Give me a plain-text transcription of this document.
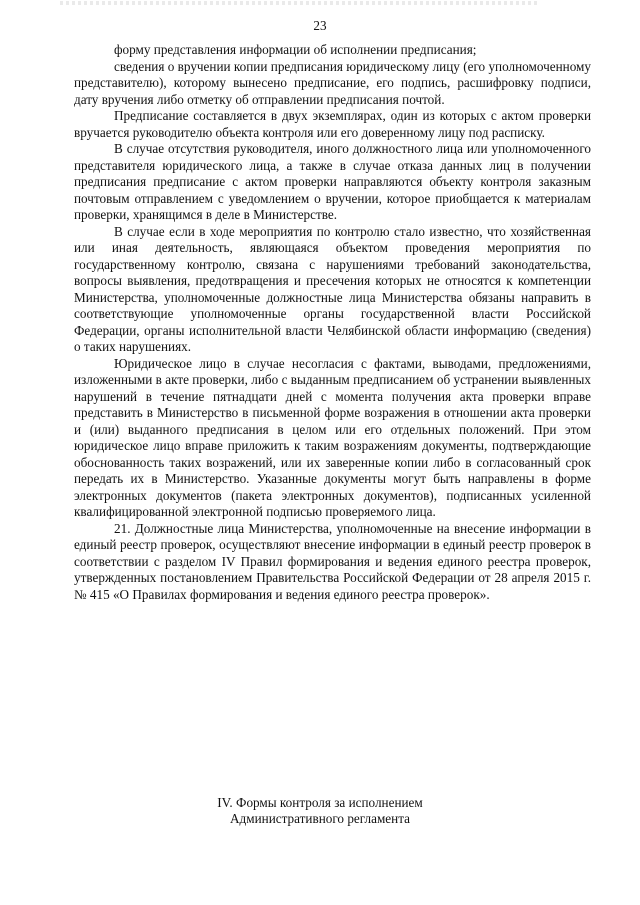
23

форму представления информации об исполнении предписания;

сведения о вручении копии предписания юридическому лицу (его уполномоченному представителю), которому вынесено предписание, его подпись, расшифровку подписи, дату вручения либо отметку об отправлении предписания почтой.

Предписание составляется в двух экземплярах, один из которых с актом проверки вручается руководителю объекта контроля или его доверенному лицу под расписку.

В случае отсутствия руководителя, иного должностного лица или уполномоченного представителя юридического лица, а также в случае отказа данных лиц в получении предписания предписание с актом проверки направляются объекту контроля заказным почтовым отправлением с уведомлением о вручении, которое приобщается к материалам проверки, хранящимся в деле в Министерстве.

В случае если в ходе мероприятия по контролю стало известно, что хозяйственная или иная деятельность, являющаяся объектом проведения мероприятия по государственному контролю, связана с нарушениями требований законодательства, вопросы выявления, предотвращения и пресечения которых не относятся к компетенции Министерства, уполномоченные должностные лица Министерства обязаны направить в соответствующие уполномоченные органы государственной власти Российской Федерации, органы исполнительной власти Челябинской области информацию (сведения) о таких нарушениях.

Юридическое лицо в случае несогласия с фактами, выводами, предложениями, изложенными в акте проверки, либо с выданным предписанием об устранении выявленных нарушений в течение пятнадцати дней с момента получения акта проверки вправе представить в Министерство в письменной форме возражения в отношении акта проверки и (или) выданного предписания в целом или его отдельных положений. При этом юридическое лицо вправе приложить к таким возражениям документы, подтверждающие обоснованность таких возражений, или их заверенные копии либо в согласованный срок передать их в Министерство. Указанные документы могут быть направлены в форме электронных документов (пакета электронных документов), подписанных усиленной квалифицированной электронной подписью проверяемого лица.

21. Должностные лица Министерства, уполномоченные на внесение информации в единый реестр проверок, осуществляют внесение информации в единый реестр проверок в соответствии с разделом IV Правил формирования и ведения единого реестра проверок, утвержденных постановлением Правительства Российской Федерации от 28 апреля 2015 г. № 415 «О Правилах формирования и ведения единого реестра проверок».

IV. Формы контроля за исполнением
Административного регламента
